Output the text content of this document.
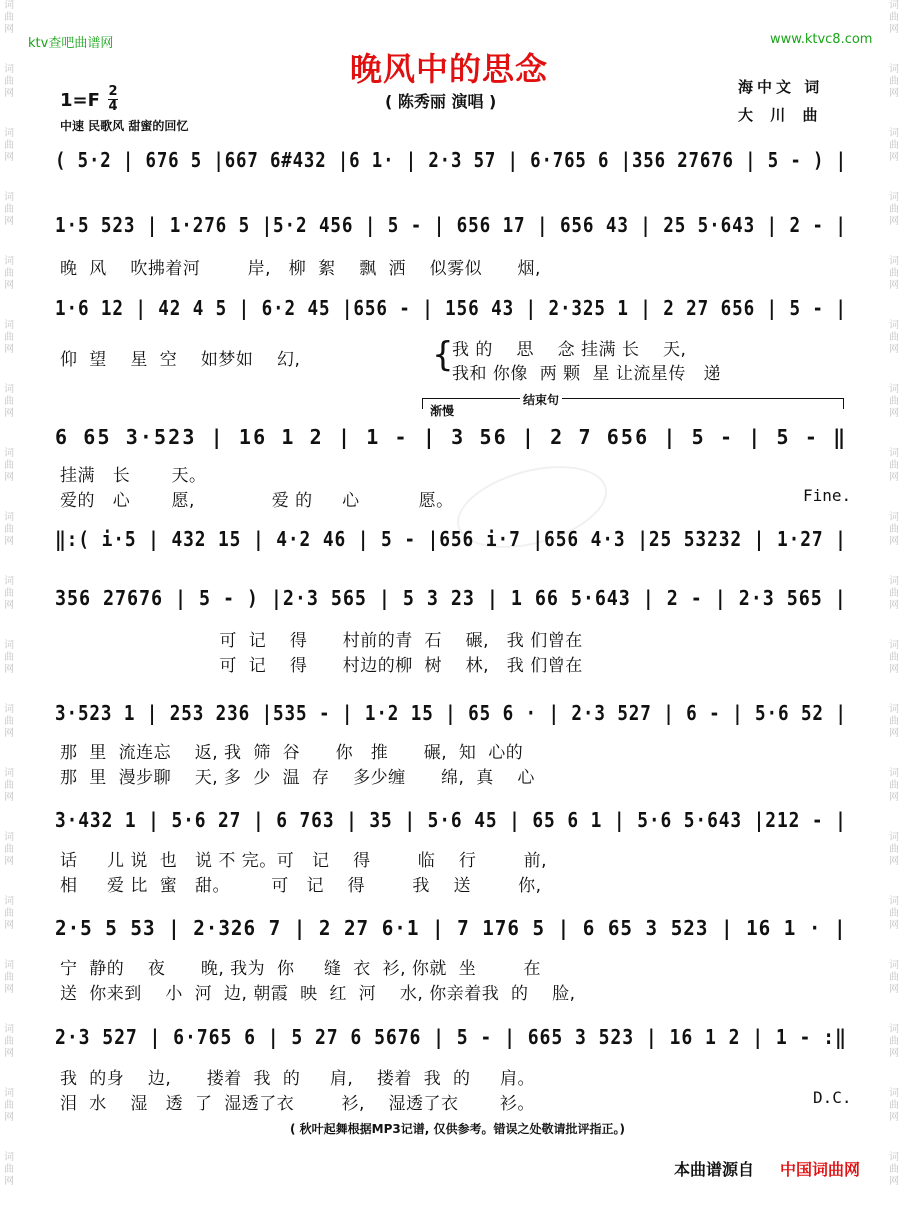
词
曲
网
词
曲
网
词
曲
网
词
曲
网
词
曲
网
词
曲
网
词
曲
网
词
曲
网
词
曲
网
词
曲
网
词
曲
网
词
曲
网
词
曲
网
词
曲
网
词
曲
网
词
曲
网
词
曲
网
词
曲
网
词
曲
网
词
曲
网
词
曲
网
词
曲
网
词
曲
网
词
曲
网
词
曲
网
词
曲
网
词
曲
网
词
曲
网
词
曲
网
词
曲
网
词
曲
网
词
曲
网
词
曲
网
词
曲
网
词
曲
网
词
曲
网
词
曲
网
词
曲
网
ktv查吧曲谱网	www.ktvc8.com
晚风中的思念
( 陈秀丽 演唱 )
1=F 2
4
中速 民歌风 甜蜜的回忆
海中文 词
大 川 曲
( 5·2 | 676 5 |667 6#432 |6 1· | 2·3 57 | 6·765 6 |356 27676 | 5 - ) |
1·5 523 | 1·276 5 |5·2 456 | 5 - | 656 17 | 656 43 | 25 5·643 | 2 - |
晚  风    吹拂着河        岸,   柳  絮    飘  洒    似雾似      烟,
1·6 12 | 42 4 5 | 6·2 45 |656 - | 156 43 | 2·325 1 | 2 27 656 | 5 - |
仰  望    星  空    如梦如    幻,	{
我 的    思    念 挂满 长    天,
我和 你像  两 颗  星 让流星传   递
渐慢
结束句
6 65 3·523 | 16 1 2 | 1 - | 3 56 | 2 7 656 | 5 - | 5 - ‖
挂满   长       天。
爱的   心       愿,             爱 的     心          愿。	Fine.
‖:( i·5 | 432 15 | 4·2 46 | 5 - |656 i·7 |656 4·3 |25 53232 | 1·27 |
356 27676 | 5 - ) |2·3 565 | 5 3 23 | 1 66 5·643 | 2 - | 2·3 565 |
可  记    得      村前的青  石    碾,   我 们曾在
可  记    得      村边的柳  树    林,   我 们曾在
3·523 1 | 253 236 |535 - | 1·2 15 | 65 6 · | 2·3 527 | 6 - | 5·6 52 |
那  里  流连忘    返, 我  筛  谷      你   推      碾,  知  心的
那  里  漫步聊    天, 多  少  温  存    多少缠      绵,  真    心
3·432 1 | 5·6 27 | 6 763 | 35 | 5·6 45 | 65 6 1 | 5·6 5·643 |212 - |
话     儿 说  也   说 不 完。可   记    得        临    行        前,
相     爱 比  蜜   甜。       可   记    得        我    送        你,
2·5 5 53 | 2·326 7 | 2 27 6·1 | 7 176 5 | 6 65 3 523 | 16 1 · |
宁  静的    夜      晚, 我为  你     缝  衣  衫, 你就  坐        在
送  你来到    小  河  边, 朝霞  映  红  河    水, 你亲着我  的    脸,
2·3 527 | 6·765 6 | 5 27 6 5676 | 5 - | 665 3 523 | 16 1 2 | 1 - :‖
我  的身    边,      搂着  我  的     肩,    搂着  我  的     肩。
泪  水    湿   透  了  湿透了衣        衫,    湿透了衣       衫。	D.C.
( 秋叶起舞根据MP3记谱, 仅供参考。错误之处敬请批评指正。)
本曲谱源自 中国词曲网
